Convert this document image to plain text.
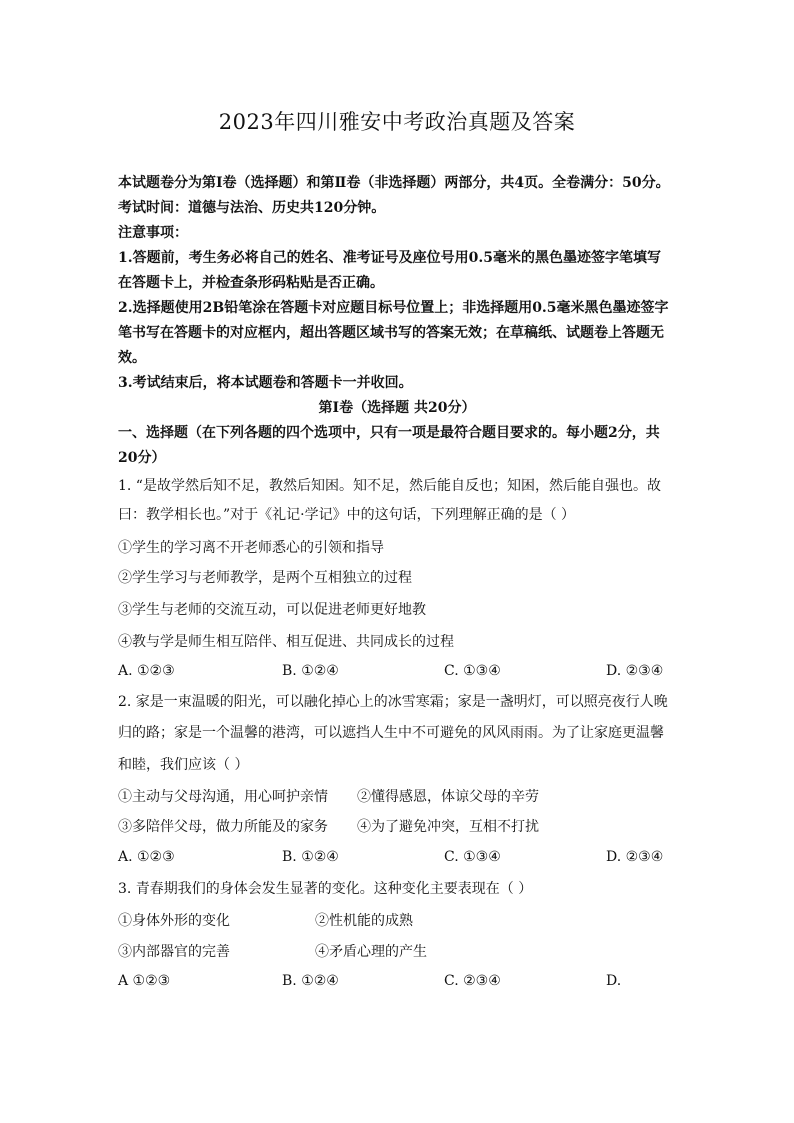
2023年四川雅安中考政治真题及答案
本试题卷分为第Ⅰ卷（选择题）和第Ⅱ卷（非选择题）两部分，共4页。全卷满分：50分。
考试时间：道德与法治、历史共120分钟。
注意事项：
1.答题前，考生务必将自己的姓名、准考证号及座位号用0.5毫米的黑色墨迹签字笔填写
在答题卡上，并检查条形码粘贴是否正确。
2.选择题使用2B铅笔涂在答题卡对应题目标号位置上；非选择题用0.5毫米黑色墨迹签字
笔书写在答题卡的对应框内，超出答题区域书写的答案无效；在草稿纸、试题卷上答题无
效。
3.考试结束后，将本试题卷和答题卡一并收回。
第Ⅰ卷（选择题 共20分）
一、选择题（在下列各题的四个选项中，只有一项是最符合题目要求的。每小题2分，共
20分）
1. “是故学然后知不足，教然后知困。知不足，然后能自反也；知困，然后能自强也。故
曰：教学相长也。”对于《礼记·学记》中的这句话，下列理解正确的是（ ）
①学生的学习离不开老师悉心的引领和指导
②学生学习与老师教学，是两个互相独立的过程
③学生与老师的交流互动，可以促进老师更好地教
④教与学是师生相互陪伴、相互促进、共同成长的过程
A. ①②③	B. ①②④	C. ①③④	D. ②③④
2. 家是一束温暖的阳光，可以融化掉心上的冰雪寒霜；家是一盏明灯，可以照亮夜行人晚
归的路；家是一个温馨的港湾，可以遮挡人生中不可避免的风风雨雨。为了让家庭更温馨
和睦，我们应该（ ）
①主动与父母沟通，用心呵护亲情 ②懂得感恩，体谅父母的辛劳
③多陪伴父母，做力所能及的家务 ④为了避免冲突，互相不打扰
A. ①②③	B. ①②④	C. ①③④	D. ②③④
3. 青春期我们的身体会发生显著的变化。这种变化主要表现在（ ）
①身体外形的变化	②性机能的成熟
③内部器官的完善	④矛盾心理的产生
A ①②③	B. ①②④	C. ②③④	D.
